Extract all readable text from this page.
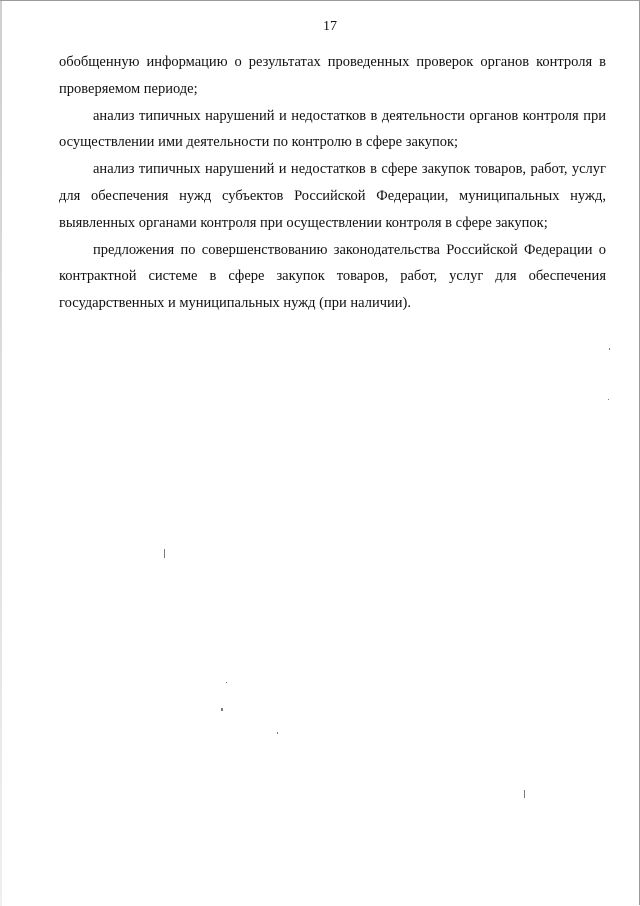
17

обобщенную информацию о результатах проведенных проверок органов контроля в проверяемом периоде;

анализ типичных нарушений и недостатков в деятельности органов контроля при осуществлении ими деятельности по контролю в сфере закупок;

анализ типичных нарушений и недостатков в сфере закупок товаров, работ, услуг для обеспечения нужд субъектов Российской Федерации, муниципальных нужд, выявленных органами контроля при осуществлении контроля в сфере закупок;

предложения по совершенствованию законодательства Российской Федерации о контрактной системе в сфере закупок товаров, работ, услуг для обеспечения государственных и муниципальных нужд (при наличии).
